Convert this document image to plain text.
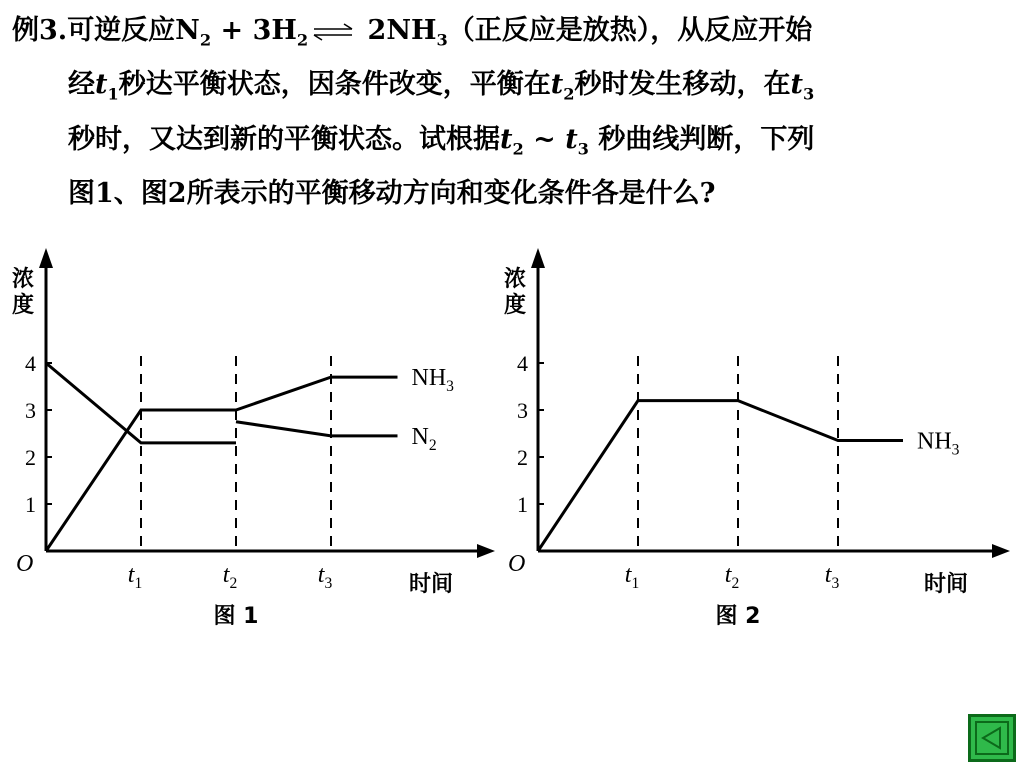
例3.可逆反应$N_2 + 3H_2$ ⇌ $2NH_3$（正反应是放热），从反应开始
经$t_1$秒达平衡状态，因条件改变，平衡在$t_2$秒时发生移动，在$t_3$
秒时，又达到新的平衡状态。试根据$t_2$ ~ $t_3$ 秒曲线判断，下列
图1、图2所表示的平衡移动方向和变化条件各是什么?
浓
度
1
2
3
4
O	$t_1$	$t_2$	$t_3$	时间
$NH_3$
$N_2$
图 1
浓
度
1
2
3
4
O	$t_1$	$t_2$	$t_3$	时间
$NH_3$
图 2
